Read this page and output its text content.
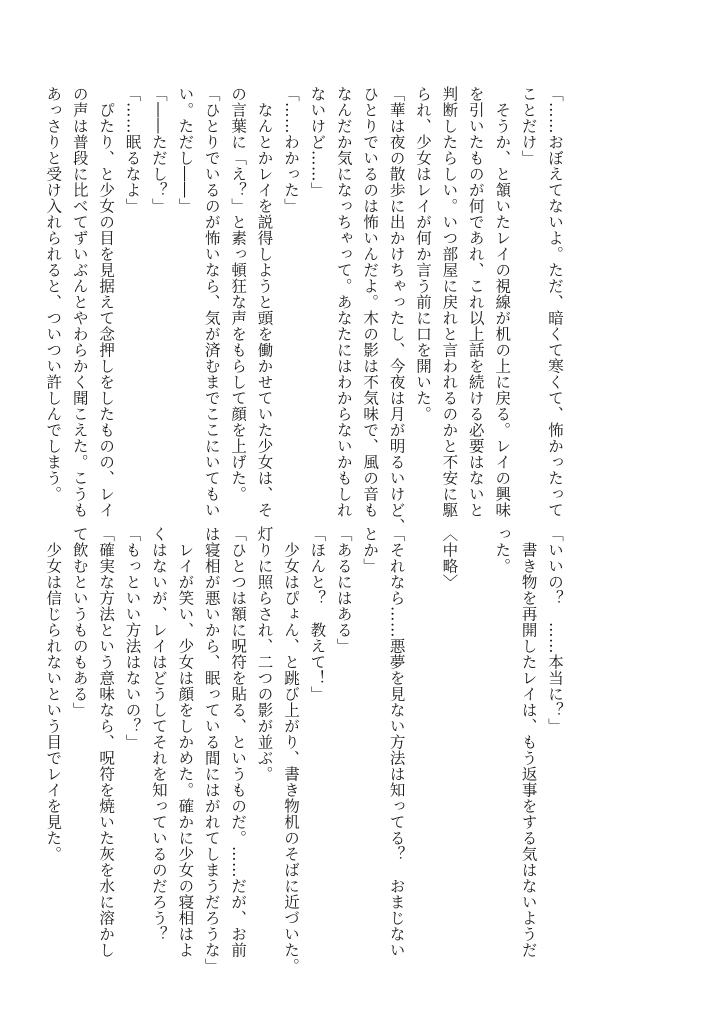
「……おぼえてないよ。ただ、暗くて寒くて、怖かったって
ことだけ」
　そうか、と頷いたレイの視線が机の上に戻る。レイの興味
を引いたものが何であれ、これ以上話を続ける必要はないと
判断したらしい。いつ部屋に戻れと言われるのかと不安に駆
られ、少女はレイが何か言う前に口を開いた。
「華は夜の散歩に出かけちゃったし、今夜は月が明るいけど、
ひとりでいるのは怖いんだよ。木の影は不気味で、風の音も
なんだか気になっちゃって。あなたにはわからないかもしれ
ないけど……」
「……わかった」
　なんとかレイを説得しようと頭を働かせていた少女は、そ
の言葉に「え？」と素っ頓狂な声をもらして顔を上げた。
「ひとりでいるのが怖いなら、気が済むまでここにいてもい
い。ただし――」
「――ただし？」
「……眠るなよ」
　ぴたり、と少女の目を見据えて念押しをしたものの、レイ
の声は普段に比べてずいぶんとやわらかく聞こえた。こうも
あっさりと受け入れられると、ついつい許しんでしまう。
「いいの？　……本当に？」
　書き物を再開したレイは、もう返事をする気はないようだ
った。

〈中略〉

「それなら……悪夢を見ない方法は知ってる？　おまじない
とか」
「あるにはある」
「ほんと？　教えて！」
　少女はぴょん、と跳び上がり、書き物机のそばに近づいた。
灯りに照らされ、二つの影が並ぶ。
「ひとつは額に呪符を貼る、というものだ。……だが、お前
は寝相が悪いから、眠っている間にはがれてしまうだろうな」
　レイが笑い、少女は顔をしかめた。確かに少女の寝相はよ
くはないが、レイはどうしてそれを知っているのだろう？
「もっといい方法はないの？」
「確実な方法という意味なら、呪符を焼いた灰を水に溶かし
て飲むというものもある」
　少女は信じられないという目でレイを見た。
